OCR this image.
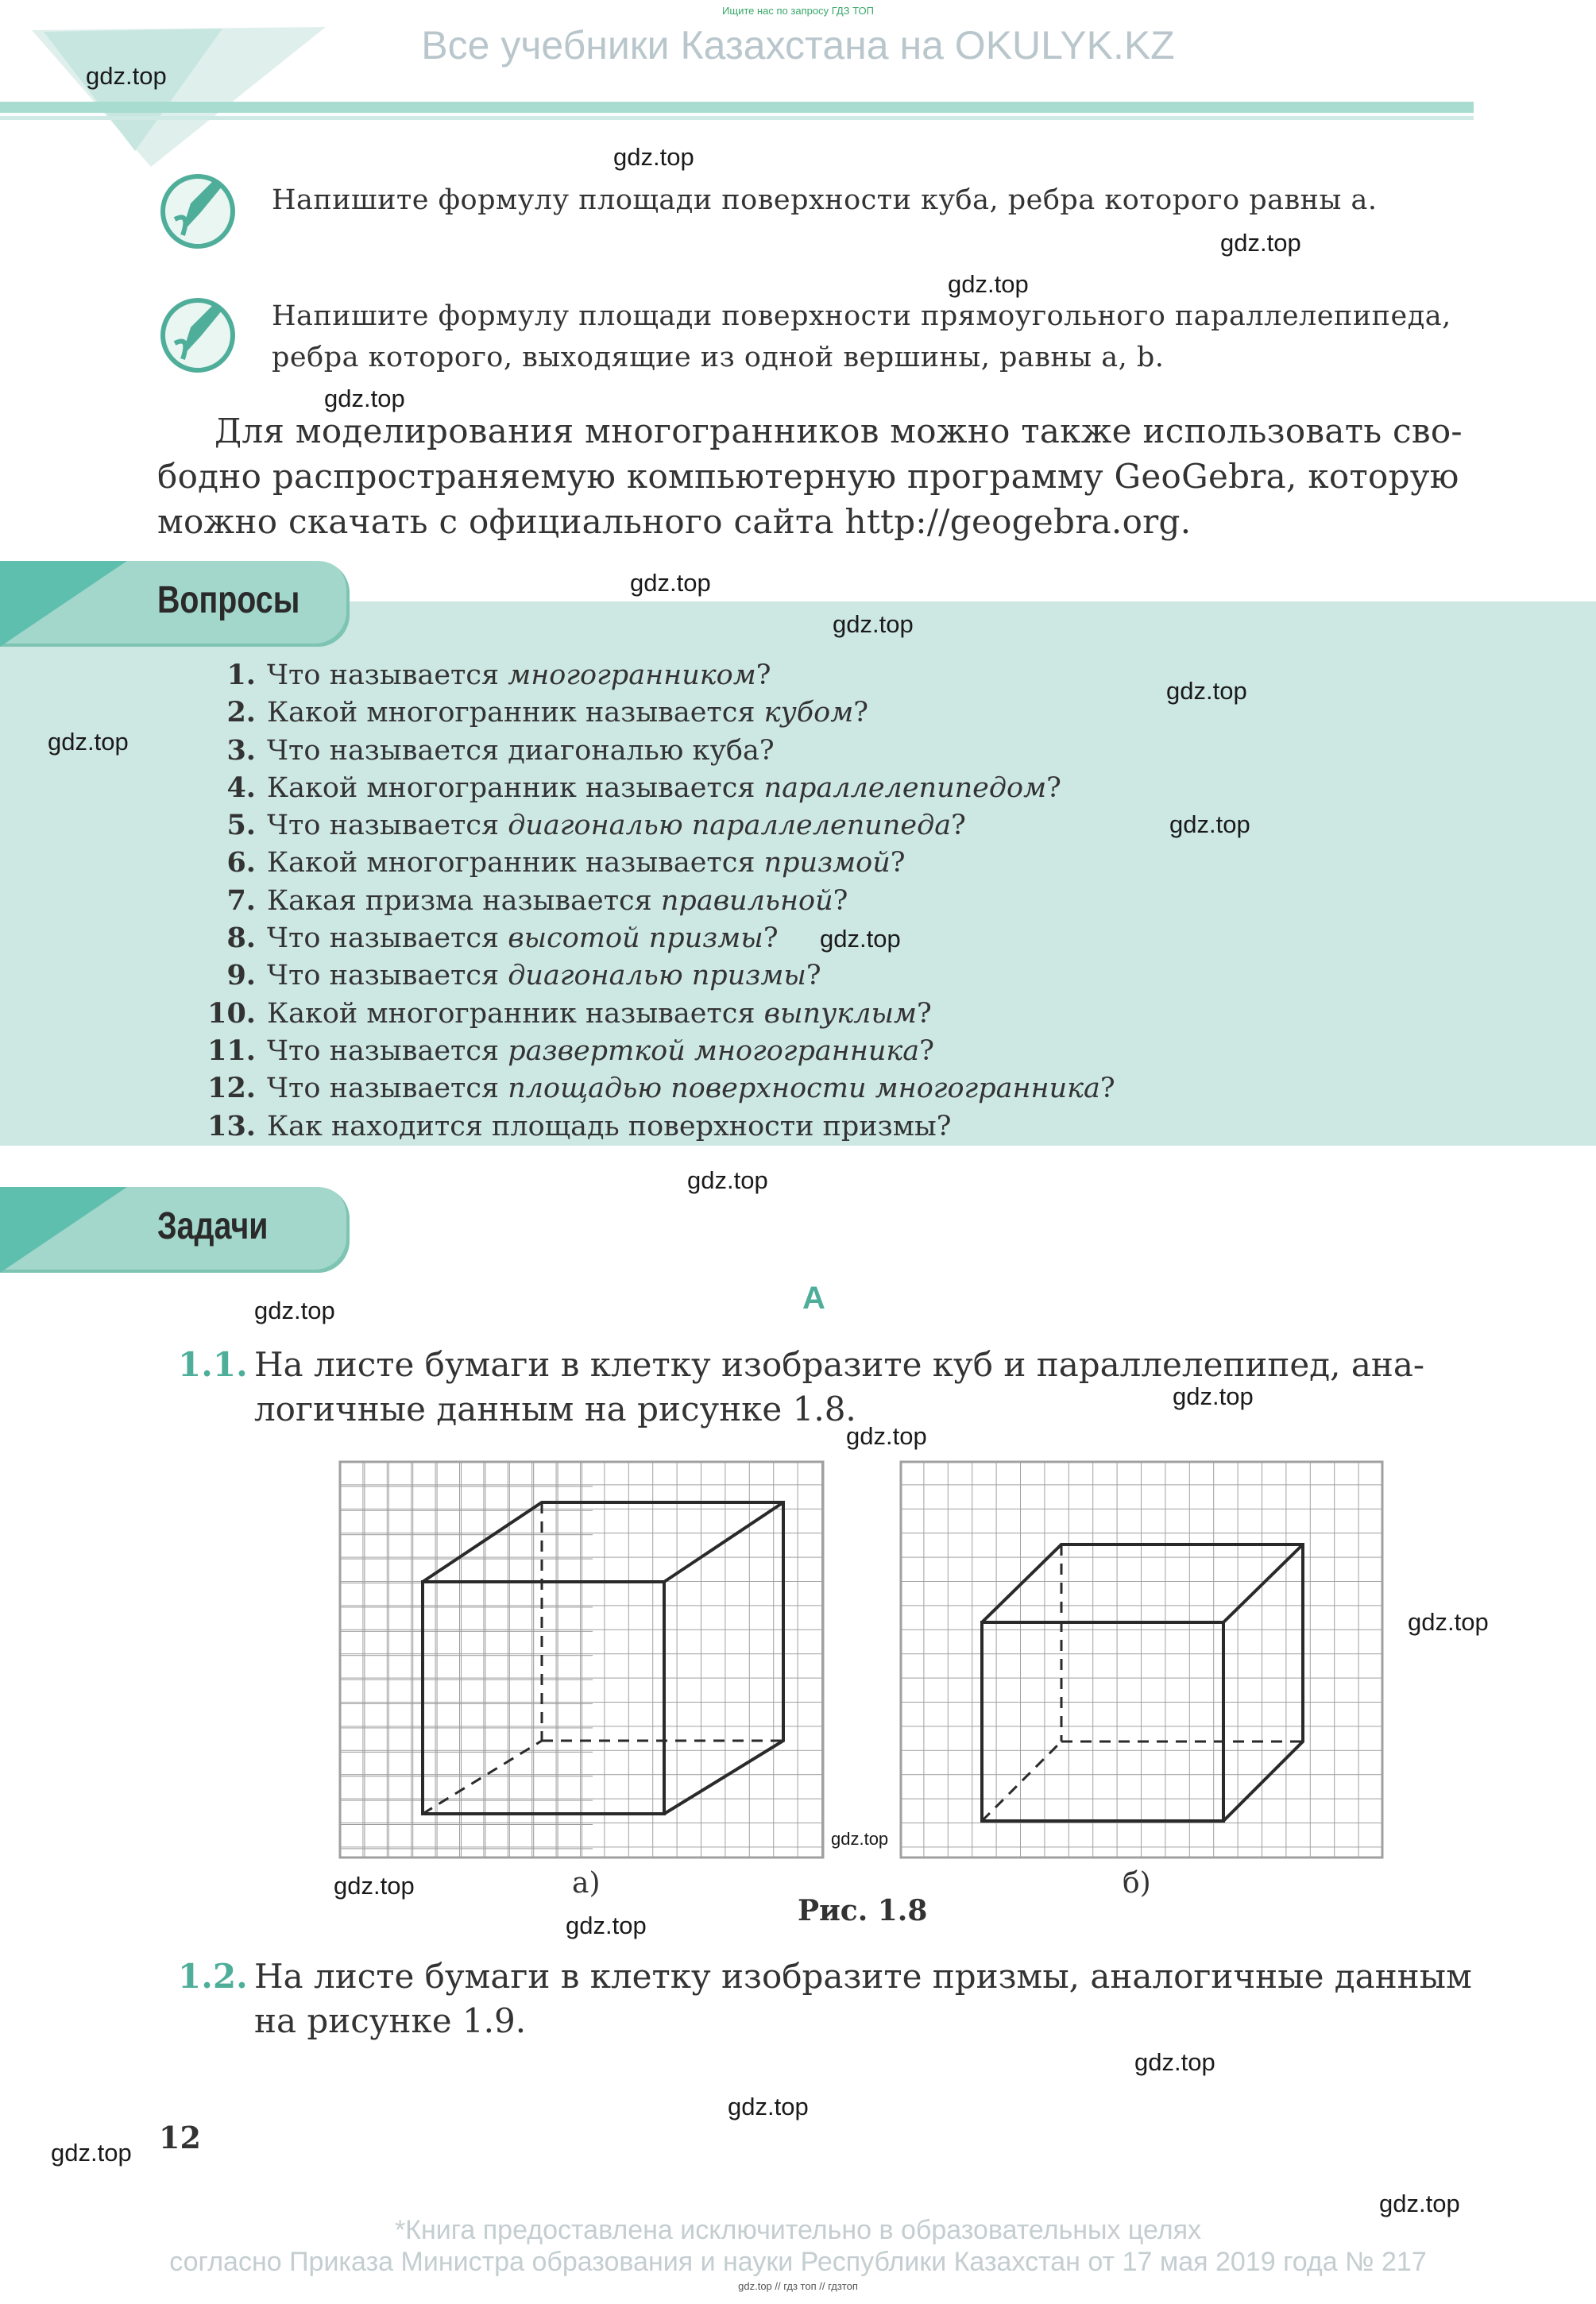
Ищите нас по запросу ГДЗ ТОП
Все учебники Казахстана на OKULYK.KZ
Напишите формулу площади поверхности куба, ребра которого равны а.
Напишите формулу площади поверхности прямоугольного параллелепипеда, ребра которого, выходящие из одной вершины, равны а, b.

Для моделирования многогранников можно также использовать сво-
бодно распространяемую компьютерную программу GeoGebra, которую
можно скачать с официального сайта http://geogebra.org.

Вопросы
1. Что называется многогранником?
2. Какой многогранник называется кубом?
3. Что называется диагональю куба?
4. Какой многогранник называется параллелепипедом?
5. Что называется диагональю параллелепипеда?
6. Какой многогранник называется призмой?
7. Какая призма называется правильной?
8. Что называется высотой призмы?
9. Что называется диагональю призмы?
10. Какой многогранник называется выпуклым?
11. Что называется разверткой многогранника?
12. Что называется площадью поверхности многогранника?
13. Как находится площадь поверхности призмы?
Задачи
А
1.1. На листе бумаги в клетку изобразите куб и параллелепипед, ана-
логичные данным на рисунке 1.8.
а)	б)
Рис. 1.8
1.2. На листе бумаги в клетку изобразите призмы, аналогичные данным
на рисунке 1.9.
12
*Книга предоставлена исключительно в образовательных целях
согласно Приказа Министра образования и науки Республики Казахстан от 17 мая 2019 года № 217
gdz.top // гдз топ // гдзтоп
gdz.top
gdz.top
gdz.top
gdz.top
gdz.top
gdz.top
gdz.top
gdz.top
gdz.top
gdz.top
gdz.top
gdz.top
gdz.top
gdz.top
gdz.top
gdz.top
gdz.top
gdz.top
gdz.top
gdz.top
gdz.top
gdz.top
gdz.top
